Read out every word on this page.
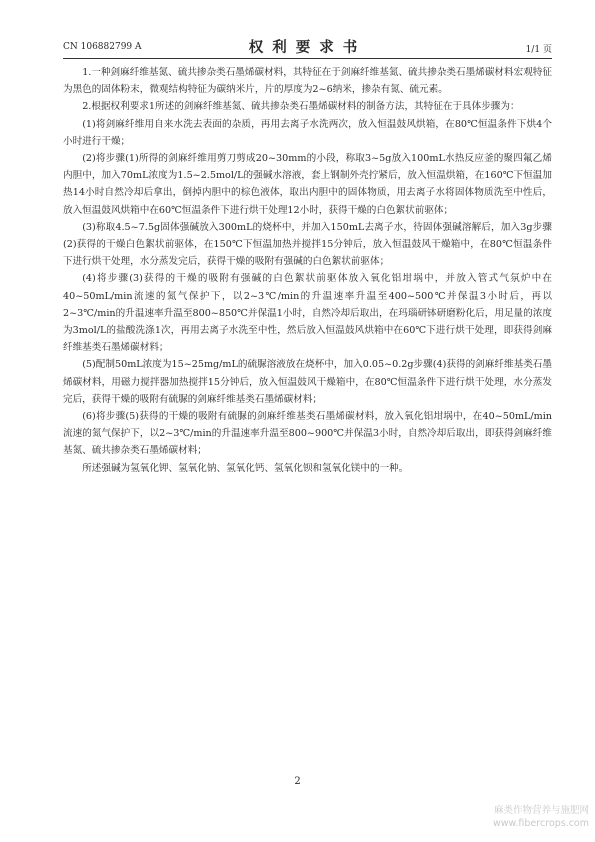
CN 106882799 A	权利要求书	1/1 页

1.一种剑麻纤维基氮、硫共掺杂类石墨烯碳材料，其特征在于剑麻纤维基氮、硫共掺杂类石墨烯碳材料宏观特征为黑色的固体粉末，微观结构特征为碳纳米片，片的厚度为2~6纳米，掺杂有氮、硫元素。

2.根据权利要求1所述的剑麻纤维基氮、硫共掺杂类石墨烯碳材料的制备方法，其特征在于具体步骤为：

(1)将剑麻纤维用自来水洗去表面的杂质，再用去离子水洗两次，放入恒温鼓风烘箱，在80℃恒温条件下烘4个小时进行干燥；

(2)将步骤(1)所得的剑麻纤维用剪刀剪成20~30mm的小段，称取3~5g放入100mL水热反应釜的聚四氟乙烯内胆中，加入70mL浓度为1.5~2.5mol/L的强碱水溶液，套上钢制外壳拧紧后，放入恒温烘箱，在160℃下恒温加热14小时自然冷却后拿出，倒掉内胆中的棕色液体，取出内胆中的固体物质，用去离子水将固体物质洗至中性后，放入恒温鼓风烘箱中在60℃恒温条件下进行烘干处理12小时，获得干燥的白色絮状前驱体；

(3)称取4.5~7.5g固体强碱放入300mL的烧杯中，并加入150mL去离子水，待固体强碱溶解后，加入3g步骤(2)获得的干燥白色絮状前驱体，在150℃下恒温加热并搅拌15分钟后，放入恒温鼓风干燥箱中，在80℃恒温条件下进行烘干处理，水分蒸发完后，获得干燥的吸附有强碱的白色絮状前驱体；

(4)将步骤(3)获得的干燥的吸附有强碱的白色絮状前驱体放入氧化铝坩埚中，并放入管式气氛炉中在40~50mL/min流速的氮气保护下，以2~3℃/min的升温速率升温至400~500℃并保温3小时后，再以2~3℃/min的升温速率升温至800~850℃并保温1小时，自然冷却后取出，在玛瑙研钵研磨粉化后，用足量的浓度为3mol/L的盐酸洗涤1次，再用去离子水洗至中性，然后放入恒温鼓风烘箱中在60℃下进行烘干处理，即获得剑麻纤维基类石墨烯碳材料；

(5)配制50mL浓度为15~25mg/mL的硫脲溶液放在烧杯中，加入0.05~0.2g步骤(4)获得的剑麻纤维基类石墨烯碳材料，用磁力搅拌器加热搅拌15分钟后，放入恒温鼓风干燥箱中，在80℃恒温条件下进行烘干处理，水分蒸发完后，获得干燥的吸附有硫脲的剑麻纤维基类石墨烯碳材料；

(6)将步骤(5)获得的干燥的吸附有硫脲的剑麻纤维基类石墨烯碳材料，放入氧化铝坩埚中，在40~50mL/min流速的氮气保护下，以2~3℃/min的升温速率升温至800~900℃并保温3小时，自然冷却后取出，即获得剑麻纤维基氮、硫共掺杂类石墨烯碳材料；

所述强碱为氢氧化钾、氢氧化钠、氢氧化钙、氢氧化钡和氢氧化镁中的一种。

2
麻类作物营养与施肥网
www.fibercrops.com
